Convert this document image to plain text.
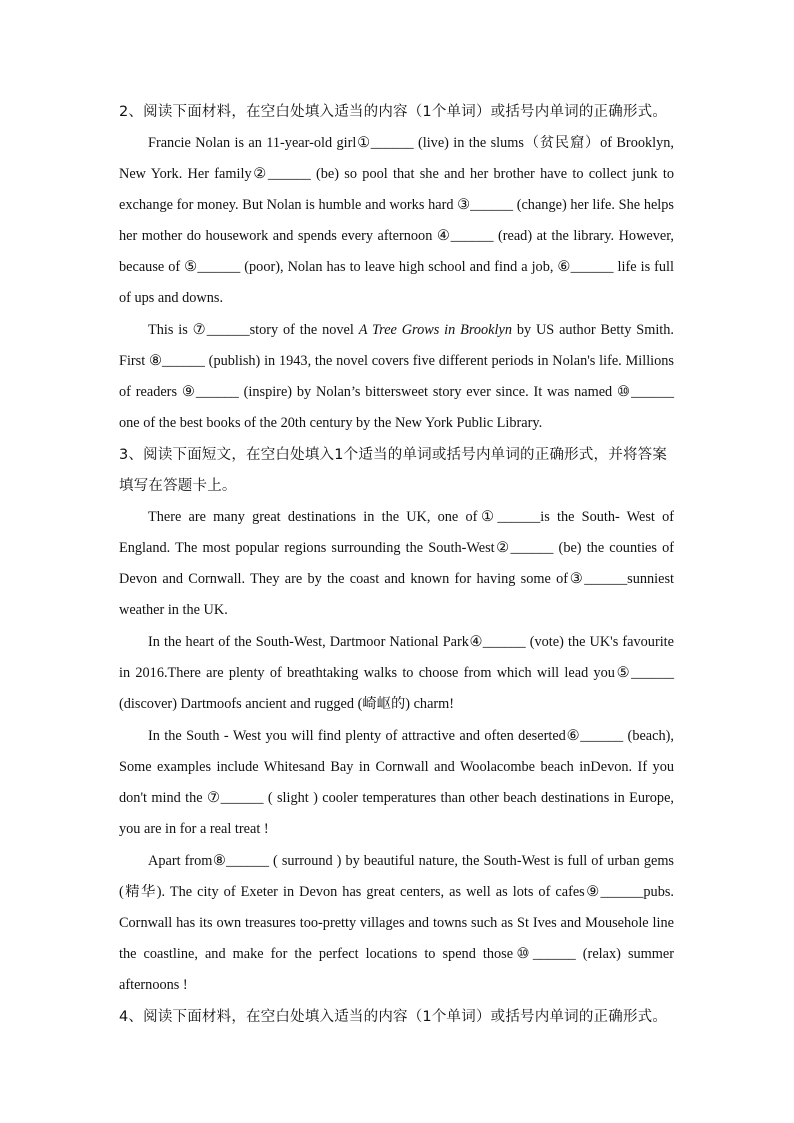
2、阅读下面材料，在空白处填入适当的内容（1个单词）或括号内单词的正确形式。

Francie Nolan is an 11-year-old girl①______ (live) in the slums（贫民窟）of Brooklyn, New York. Her family②______ (be) so pool that she and her brother have to collect junk to exchange for money. But Nolan is humble and works hard ③______ (change) her life. She helps her mother do housework and spends every afternoon ④______ (read) at the library. However, because of ⑤______ (poor), Nolan has to leave high school and find a job, ⑥______ life is full of ups and downs.

This is ⑦______story of the novel A Tree Grows in Brooklyn by US author Betty Smith. First ⑧______ (publish) in 1943, the novel covers five different periods in Nolan's life. Millions of readers ⑨______ (inspire) by Nolan’s bittersweet story ever since. It was named ⑩______ one of the best books of the 20th century by the New York Public Library.

3、阅读下面短文，在空白处填入1个适当的单词或括号内单词的正确形式，并将答案填写在答题卡上。

There are many great destinations in the UK, one of①______is the South- West of England. The most popular regions surrounding the South-West②______ (be) the counties of Devon and Cornwall. They are by the coast and known for having some of③______sunniest weather in the UK.

In the heart of the South-West, Dartmoor National Park④______ (vote) the UK's favourite in 2016.There are plenty of breathtaking walks to choose from which will lead you⑤______ (discover) Dartmoofs ancient and rugged (崎岖的) charm!

In the South - West you will find plenty of attractive and often deserted⑥______ (beach), Some examples include Whitesand Bay in Cornwall and Woolacombe beach inDevon. If you don't mind the ⑦______ ( slight ) cooler temperatures than other beach destinations in Europe, you are in for a real treat !

Apart from⑧______ ( surround ) by beautiful nature, the South-West is full of urban gems (精华). The city of Exeter in Devon has great centers, as well as lots of cafes⑨______pubs. Cornwall has its own treasures too-pretty villages and towns such as St Ives and Mousehole line the coastline, and make for the perfect locations to spend those⑩______ (relax) summer afternoons !

4、阅读下面材料，在空白处填入适当的内容（1个单词）或括号内单词的正确形式。
